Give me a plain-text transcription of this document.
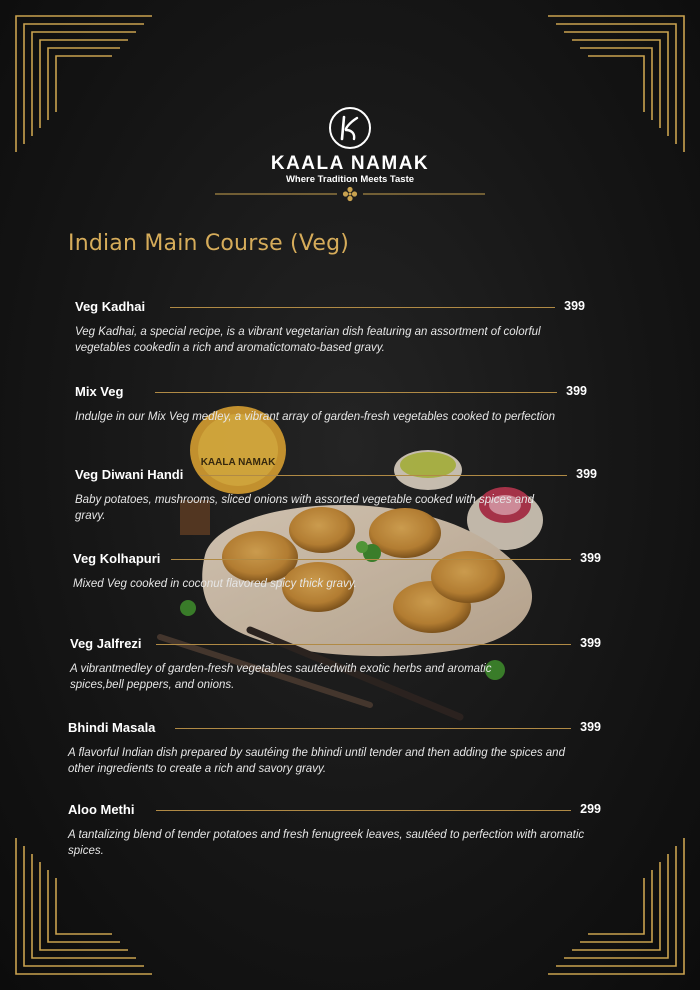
KAALA NAMAK
Where Tradition Meets Taste
Indian Main Course (Veg)
KAALA NAMAK
Veg Kadhai	399
Veg Kadhai, a special recipe, is a vibrant vegetarian dish featuring an assortment of colorful vegetables cookedin a rich and aromatictomato-based gravy.
Mix Veg	399
Indulge in our Mix Veg medley, a vibrant array of garden-fresh vegetables cooked to perfection
Veg Diwani Handi	399
Baby potatoes, mushrooms, sliced onions with assorted vegetable cooked with spices and gravy.
Veg Kolhapuri	399
Mixed Veg cooked in coconut flavored spicy thick gravy.
Veg Jalfrezi	399
A vibrantmedley of garden-fresh vegetables sautéedwith exotic herbs and aromatic spices,bell peppers, and onions.
Bhindi Masala	399
A flavorful Indian dish prepared by sautéing the bhindi until tender and then adding the spices and other ingredients to create a rich and savory gravy.
Aloo Methi	299
A tantalizing blend of tender potatoes and fresh fenugreek leaves, sautéed to perfection with aromatic spices.
